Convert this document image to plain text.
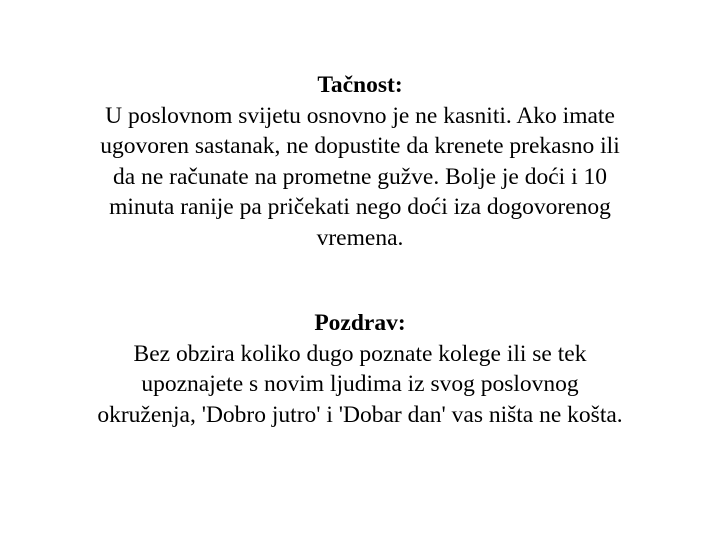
Tačnost:
U poslovnom svijetu osnovno je ne kasniti. Ako imate
ugovoren sastanak, ne dopustite da krenete prekasno ili
da ne računate na prometne gužve. Bolje je doći i 10
minuta ranije pa pričekati nego doći iza dogovorenog
vremena.
Pozdrav:
Bez obzira koliko dugo poznate kolege ili se tek
upoznajete s novim ljudima iz svog poslovnog
okruženja, 'Dobro jutro' i 'Dobar dan' vas ništa ne košta.
